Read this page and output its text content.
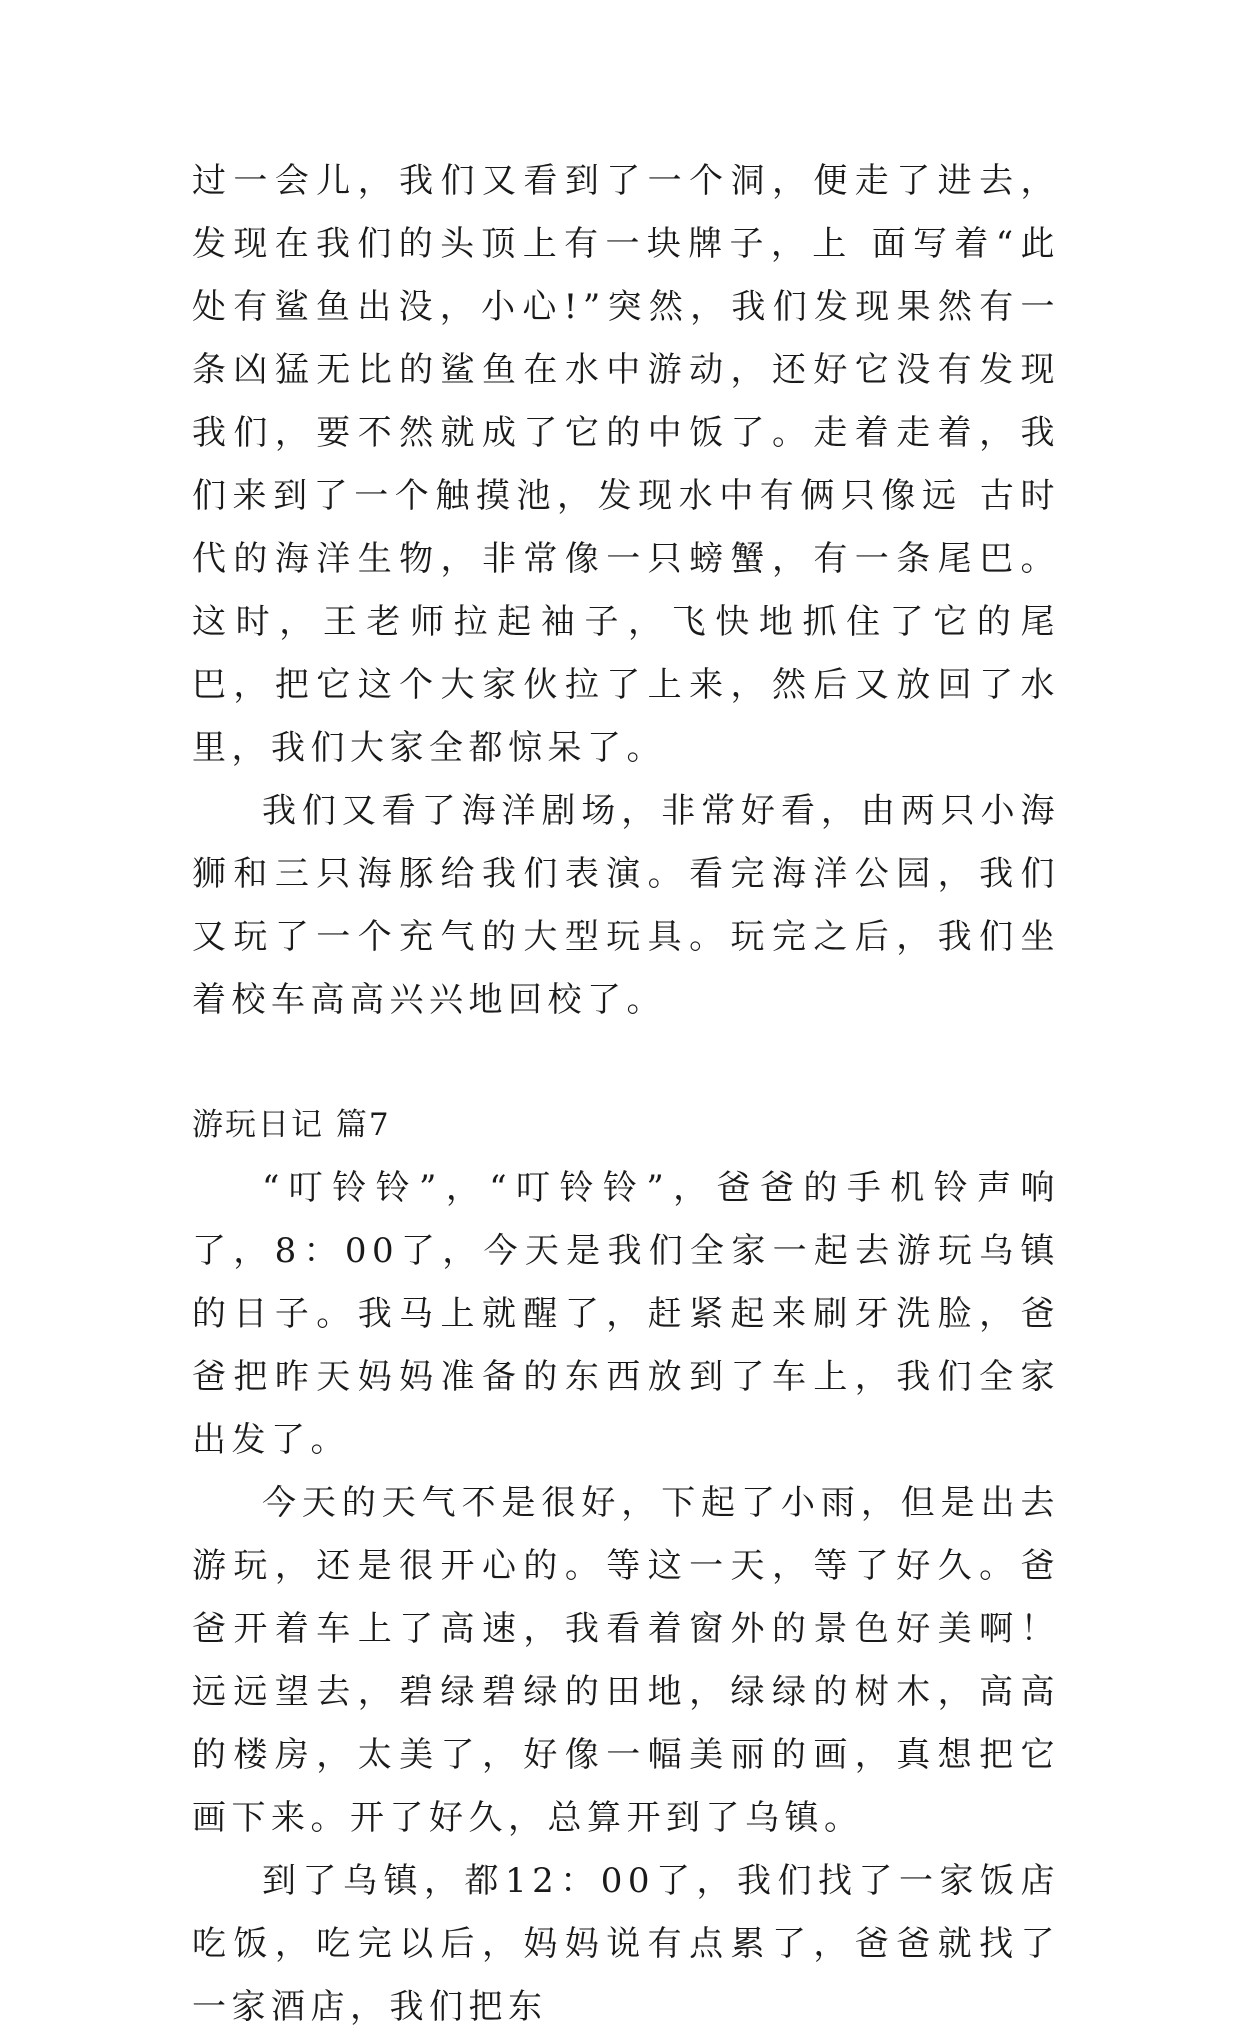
过一会儿，我们又看到了一个洞，便走了进去，发现在我们的头顶上有一块牌子，上 面写着“此处有鲨鱼出没，小心!”突然，我们发现果然有一条凶猛无比的鲨鱼在水中游动，还好它没有发现我们，要不然就成了它的中饭了。走着走着，我们来到了一个触摸池，发现水中有俩只像远 古时代的海洋生物，非常像一只螃蟹，有一条尾巴。这时，王老师拉起袖子，飞快地抓住了它的尾巴，把它这个大家伙拉了上来，然后又放回了水里，我们大家全都惊呆了。

我们又看了海洋剧场，非常好看，由两只小海狮和三只海豚给我们表演。看完海洋公园，我们又玩了一个充气的大型玩具。玩完之后，我们坐着校车高高兴兴地回校了。

游玩日记 篇7

“叮铃铃”，“叮铃铃”，爸爸的手机铃声响了，8：00了，今天是我们全家一起去游玩乌镇的日子。我马上就醒了，赶紧起来刷牙洗脸，爸爸把昨天妈妈准备的东西放到了车上，我们全家出发了。

今天的天气不是很好，下起了小雨，但是出去游玩，还是很开心的。等这一天，等了好久。爸爸开着车上了高速，我看着窗外的景色好美啊！远远望去，碧绿碧绿的田地，绿绿的树木，高高的楼房，太美了，好像一幅美丽的画，真想把它画下来。开了好久，总算开到了乌镇。

到了乌镇，都12：00了，我们找了一家饭店吃饭，吃完以后，妈妈说有点累了，爸爸就找了一家酒店，我们把东
